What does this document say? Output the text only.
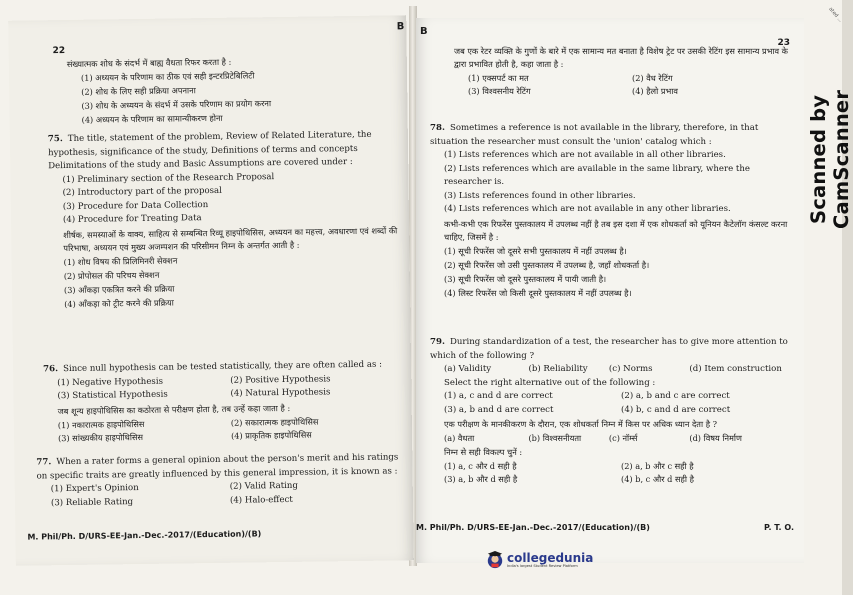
22
B

संख्यात्मक शोध के संदर्भ में बाह्य वैधता रिफर करता है :

(1) अध्ययन के परिणाम का ठीक एवं सही इन्टरप्रिटेबिलिटी

(2) शोध के लिए सही प्रक्रिया अपनाना

(3) शोध के अध्ययन के संदर्भ में उसके परिणाम का प्रयोग करना

(4) अध्ययन के परिणाम का सामान्यीकरण होना

75. The title, statement of the problem, Review of Related Literature, the hypothesis, significance of the study, Definitions of terms and concepts Delimitations of the study and Basic Assumptions are covered under :

(1) Preliminary section of the Research Proposal

(2) Introductory part of the proposal

(3) Procedure for Data Collection

(4) Procedure for Treating Data

शीर्षक, समस्याओं के वाक्य, साहित्य से सम्बन्धित रिव्यू हाइपोथिसिस, अध्ययन का महत्त्व, अवधारणा एवं शब्दों की परिभाषा, अध्ययन एवं मुख्य अजम्पशन की परिसीमन निम्न के अन्तर्गत आती है :

(1) शोध विषय की प्रिलिमिनरी सेक्शन

(2) प्रोपोसल की परिचय सेक्शन

(3) आँकड़ा एकत्रित करने की प्रक्रिया

(4) आँकड़ा को ट्रीट करने की प्रक्रिया

76. Since null hypothesis can be tested statistically, they are often called as :

(1) Negative Hypothesis	(2) Positive Hypothesis
(3) Statistical Hypothesis	(4) Natural Hypothesis

जब शून्य हाइपोथिसिस का कठोरता से परीक्षण होता है, तब उन्हें कहा जाता है :

(1) नकारात्मक हाइपोथिसिस	(2) सकारात्मक हाइपोथिसिस
(3) सांख्यकीय हाइपोथिसिस	(4) प्राकृतिक हाइपोथिसिस

77. When a rater forms a general opinion about the person's merit and his ratings on specific traits are greatly influenced by this general impression, it is known as :

(1) Expert's Opinion	(2) Valid Rating
(3) Reliable Rating	(4) Halo-effect
M. Phil/Ph. D/URS-EE-Jan.-Dec.-2017/(Education)/(B)
B
23

जब एक रेटर व्यक्ति के गुणों के बारे में एक सामान्य मत बनाता है विशेष ट्रेट पर उसकी रेटिंग इस सामान्य प्रभाव के द्वारा प्रभावित होती है, कहा जाता है :

(1) एक्सपर्ट का मत	(2) वैध रेटिंग
(3) विश्वसनीय रेटिंग	(4) हैलो प्रभाव

78. Sometimes a reference is not available in the library, therefore, in that situation the researcher must consult the 'union' catalog which :

(1) Lists references which are not available in all other libraries.

(2) Lists references which are available in the same library, where the researcher is.

(3) Lists references found in other libraries.

(4) Lists references which are not available in any other libraries.

कभी-कभी एक रिफरेंस पुस्तकालय में उपलब्ध नहीं है तब इस दशा में एक शोधकर्ता को यूनियन कैटेलॉग कंसल्ट करना चाहिए, जिसमें है :

(1) सूची रिफरेंस जो दूसरे सभी पुस्तकालय में नहीं उपलब्ध है।

(2) सूची रिफरेंस जो उसी पुस्तकालय में उपलब्ध है, जहाँ शोधकर्ता है।

(3) सूची रिफरेंस जो दूसरे पुस्तकालय में पायी जाती है।

(4) लिस्ट रिफरेंस जो किसी दूसरे पुस्तकालय में नहीं उपलब्ध है।

79. During standardization of a test, the researcher has to give more attention to which of the following ?

(a) Validity	(b) Reliability	(c) Norms	(d) Item construction

Select the right alternative out of the following :

(1) a, c and d are correct	(2) a, b and c are correct
(3) a, b and d are correct	(4) b, c and d are correct

एक परीक्षण के मानकीकरण के दौरान, एक शोधकर्ता निम्न में किस पर अधिक ध्यान देता है ?

(a) वैधता	(b) विश्वसनीयता	(c) नॉर्म्स	(d) विषय निर्माण

निम्न से सही विकल्प चुनें :

(1) a, c और d सही है	(2) a, b और c सही है
(3) a, b और d सही है	(4) b, c और d सही है
M. Phil/Ph. D/URS-EE-Jan.-Dec.-2017/(Education)/(B)	P. T. O.
ated ...
Scanned by CamScanner
collegedunia
India's largest Student Review Platform
